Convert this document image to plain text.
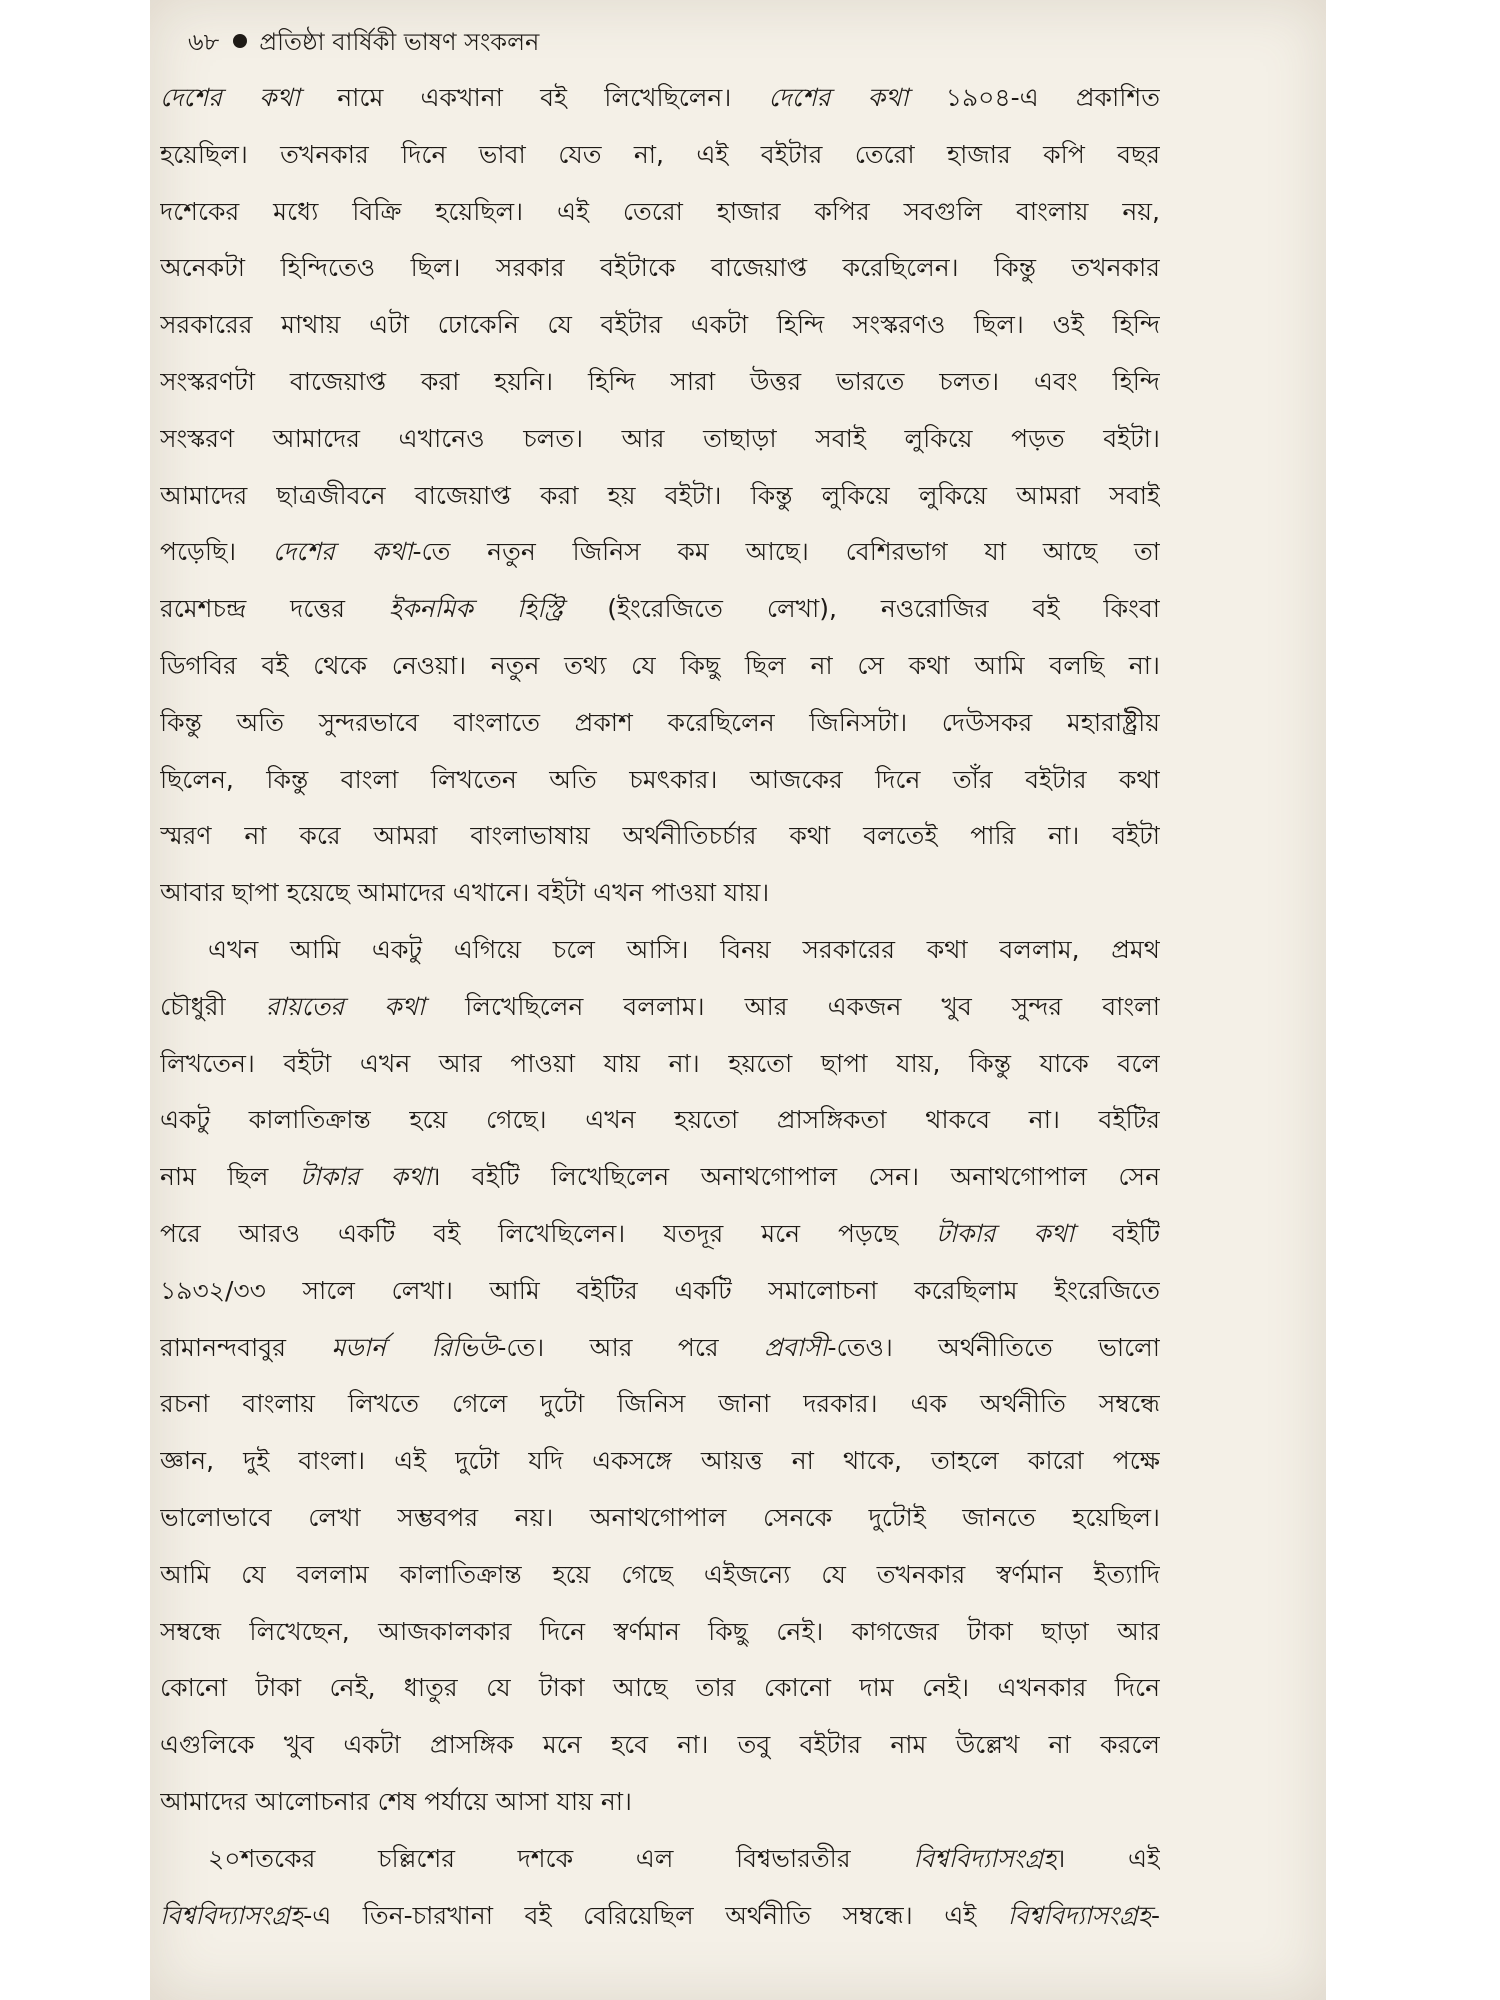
৬৮ প্রতিষ্ঠা বার্ষিকী ভাষণ সংকলন
দেশের কথা নামে একখানা বই লিখেছিলেন। দেশের কথা ১৯০৪-এ প্রকাশিত
হয়েছিল। তখনকার দিনে ভাবা যেত না, এই বইটার তেরো হাজার কপি বছর
দশেকের মধ্যে বিক্রি হয়েছিল। এই তেরো হাজার কপির সবগুলি বাংলায় নয়,
অনেকটা হিন্দিতেও ছিল। সরকার বইটাকে বাজেয়াপ্ত করেছিলেন। কিন্তু তখনকার
সরকারের মাথায় এটা ঢোকেনি যে বইটার একটা হিন্দি সংস্করণও ছিল। ওই হিন্দি
সংস্করণটা বাজেয়াপ্ত করা হয়নি। হিন্দি সারা উত্তর ভারতে চলত। এবং হিন্দি
সংস্করণ আমাদের এখানেও চলত। আর তাছাড়া সবাই লুকিয়ে পড়ত বইটা।
আমাদের ছাত্রজীবনে বাজেয়াপ্ত করা হয় বইটা। কিন্তু লুকিয়ে লুকিয়ে আমরা সবাই
পড়েছি। দেশের কথা-তে নতুন জিনিস কম আছে। বেশিরভাগ যা আছে তা
রমেশচন্দ্র দত্তের ইকনমিক হিস্ট্রি (ইংরেজিতে লেখা), নওরোজির বই কিংবা
ডিগবির বই থেকে নেওয়া। নতুন তথ্য যে কিছু ছিল না সে কথা আমি বলছি না।
কিন্তু অতি সুন্দরভাবে বাংলাতে প্রকাশ করেছিলেন জিনিসটা। দেউসকর মহারাষ্ট্রীয়
ছিলেন, কিন্তু বাংলা লিখতেন অতি চমৎকার। আজকের দিনে তাঁর বইটার কথা
স্মরণ না করে আমরা বাংলাভাষায় অর্থনীতিচর্চার কথা বলতেই পারি না। বইটা
আবার ছাপা হয়েছে আমাদের এখানে। বইটা এখন পাওয়া যায়।
এখন আমি একটু এগিয়ে চলে আসি। বিনয় সরকারের কথা বললাম, প্রমথ
চৌধুরী রায়তের কথা লিখেছিলেন বললাম। আর একজন খুব সুন্দর বাংলা
লিখতেন। বইটা এখন আর পাওয়া যায় না। হয়তো ছাপা যায়, কিন্তু যাকে বলে
একটু কালাতিক্রান্ত হয়ে গেছে। এখন হয়তো প্রাসঙ্গিকতা থাকবে না। বইটির
নাম ছিল টাকার কথা। বইটি লিখেছিলেন অনাথগোপাল সেন। অনাথগোপাল সেন
পরে আরও একটি বই লিখেছিলেন। যতদূর মনে পড়ছে টাকার কথা বইটি
১৯৩২/৩৩ সালে লেখা। আমি বইটির একটি সমালোচনা করেছিলাম ইংরেজিতে
রামানন্দবাবুর মডার্ন রিভিউ-তে। আর পরে প্রবাসী-তেও। অর্থনীতিতে ভালো
রচনা বাংলায় লিখতে গেলে দুটো জিনিস জানা দরকার। এক অর্থনীতি সম্বন্ধে
জ্ঞান, দুই বাংলা। এই দুটো যদি একসঙ্গে আয়ত্ত না থাকে, তাহলে কারো পক্ষে
ভালোভাবে লেখা সম্ভবপর নয়। অনাথগোপাল সেনকে দুটোই জানতে হয়েছিল।
আমি যে বললাম কালাতিক্রান্ত হয়ে গেছে এইজন্যে যে তখনকার স্বর্ণমান ইত্যাদি
সম্বন্ধে লিখেছেন, আজকালকার দিনে স্বর্ণমান কিছু নেই। কাগজের টাকা ছাড়া আর
কোনো টাকা নেই, ধাতুর যে টাকা আছে তার কোনো দাম নেই। এখনকার দিনে
এগুলিকে খুব একটা প্রাসঙ্গিক মনে হবে না। তবু বইটার নাম উল্লেখ না করলে
আমাদের আলোচনার শেষ পর্যায়ে আসা যায় না।
২০শতকের চল্লিশের দশকে এল বিশ্বভারতীর বিশ্ববিদ্যাসংগ্রহ। এই
বিশ্ববিদ্যাসংগ্রহ-এ তিন-চারখানা বই বেরিয়েছিল অর্থনীতি সম্বন্ধে। এই বিশ্ববিদ্যাসংগ্রহ-
